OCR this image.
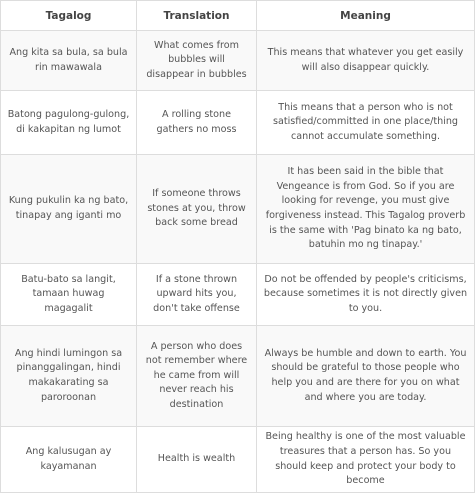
Tagalog	Translation	Meaning
Ang kita sa bula, sa bula rin mawawala	What comes from bubbles will disappear in bubbles	This means that whatever you get easily will also disappear quickly.
Batong pagulong-gulong, di kakapitan ng lumot	A rolling stone gathers no moss	This means that a person who is not satisfied/committed in one place/thing cannot accumulate something.
Kung pukulin ka ng bato, tinapay ang iganti mo	If someone throws stones at you, throw back some bread	It has been said in the bible that Vengeance is from God. So if you are looking for revenge, you must give forgiveness instead. This Tagalog proverb is the same with 'Pag binato ka ng bato, batuhin mo ng tinapay.'
Batu-bato sa langit, tamaan huwag magagalit	If a stone thrown upward hits you, don't take offense	Do not be offended by people's criticisms, because sometimes it is not directly given to you.
Ang hindi lumingon sa pinanggalingan, hindi makakarating sa paroroonan	A person who does not remember where he came from will never reach his destination	Always be humble and down to earth. You should be grateful to those people who help you and are there for you on what and where you are today.
Ang kalusugan ay kayamanan	Health is wealth	Being healthy is one of the most valuable treasures that a person has. So you should keep and protect your body to become
